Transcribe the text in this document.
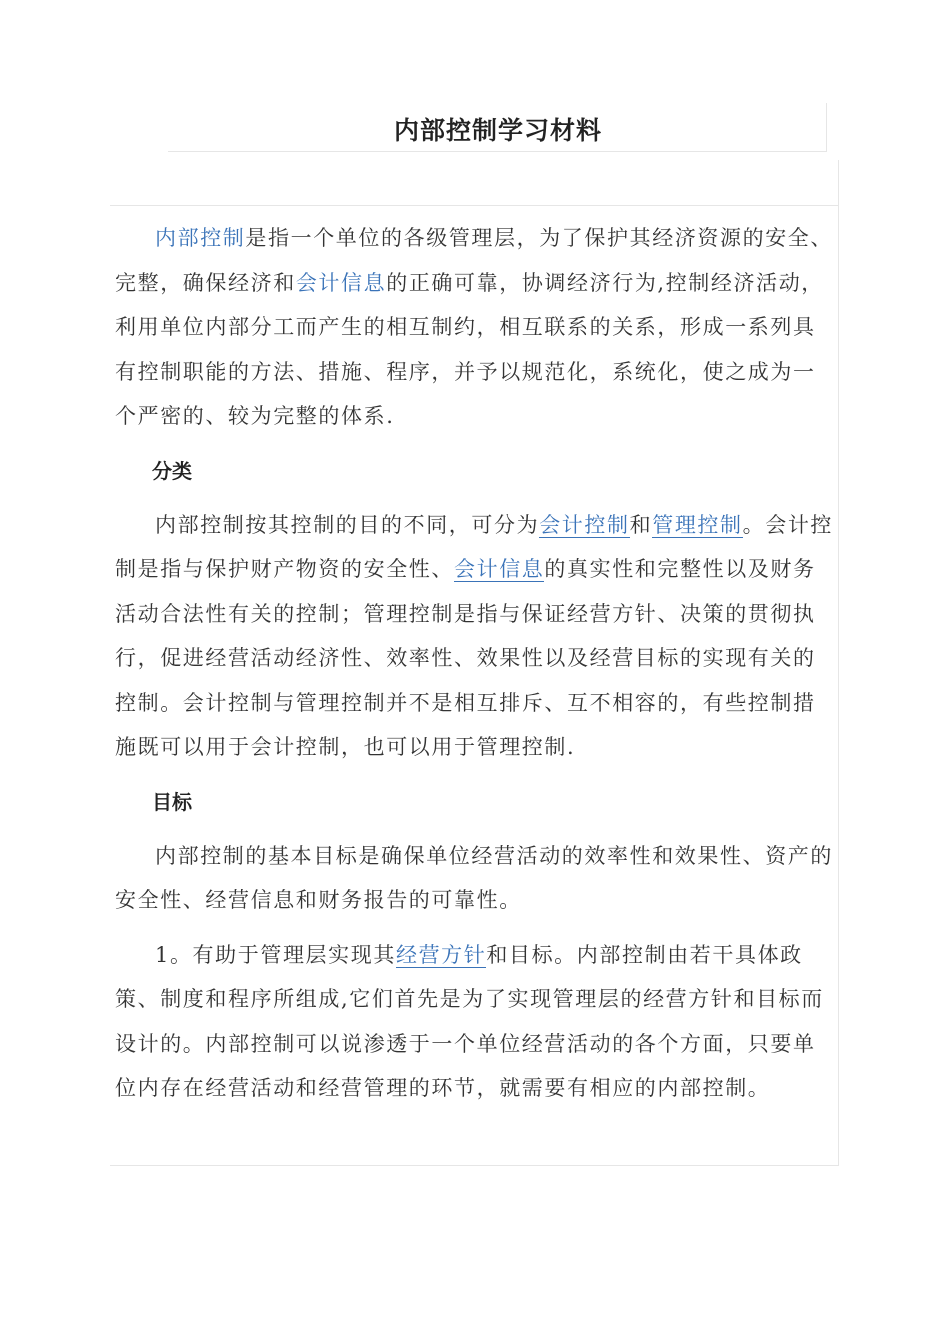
内部控制学习材料

内部控制是指一个单位的各级管理层，为了保护其经济资源的安全、完整，确保经济和会计信息的正确可靠，协调经济行为,控制经济活动，利用单位内部分工而产生的相互制约，相互联系的关系，形成一系列具有控制职能的方法、措施、程序，并予以规范化，系统化，使之成为一个严密的、较为完整的体系.

分类

内部控制按其控制的目的不同，可分为会计控制和管理控制。会计控制是指与保护财产物资的安全性、会计信息的真实性和完整性以及财务活动合法性有关的控制；管理控制是指与保证经营方针、决策的贯彻执行，促进经营活动经济性、效率性、效果性以及经营目标的实现有关的控制。会计控制与管理控制并不是相互排斥、互不相容的，有些控制措施既可以用于会计控制，也可以用于管理控制.

目标

内部控制的基本目标是确保单位经营活动的效率性和效果性、资产的安全性、经营信息和财务报告的可靠性。

1。有助于管理层实现其经营方针和目标。内部控制由若干具体政策、制度和程序所组成,它们首先是为了实现管理层的经营方针和目标而设计的。内部控制可以说渗透于一个单位经营活动的各个方面，只要单位内存在经营活动和经营管理的环节，就需要有相应的内部控制。
